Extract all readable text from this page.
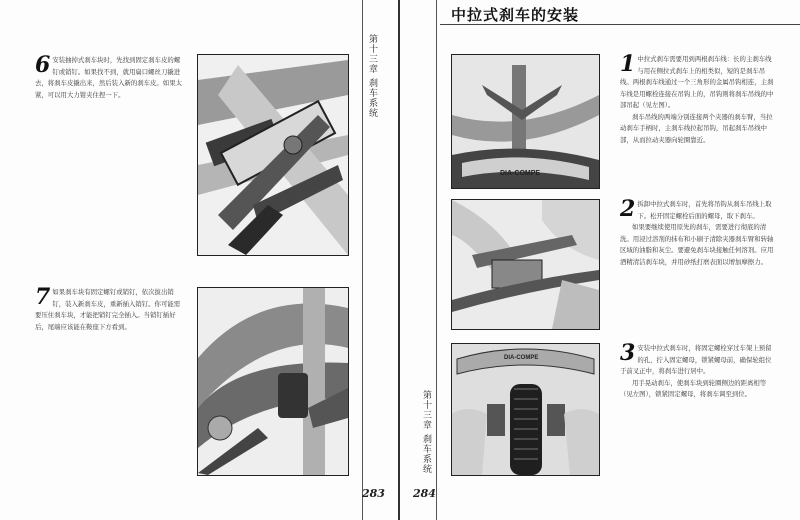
6 安装抽掉式刹车块时，先找到固定刹车皮的螺钉或销钉。如果找不到，就用扁口螺丝刀撬进去，将刹车皮撬出来，然后装入新的刹车皮。如果太紧，可以用大力钳夹住捏一下。

7 如果刹车块有固定螺钉或销钉，依次拔出销钉，装入新刹车皮，重新插入销钉。你可能需要压住刹车块，才能把销钉完全插入。当销钉插好后，尾端应该能在鞍座下方看到。

第十三章 刹车系统
283
中拉式刹车的安装
第十三章 刹车系统
DIA-COMPE
1 中拉式刹车需要用到两根刹车线：长的主刹车线与用在侧拉式刹车上的相类似，短的是刹车吊线。两根刹车线通过一个三角形的金属吊钩相连，主刹车线是用螺栓连接在吊钩上的，吊钩则将刹车吊线的中部吊起（见左图）。

刹车吊线的两端分别连接两个夹器的刹车臂，当拉动刹车手柄时，主刹车线拉起吊钩，吊起刹车吊线中部，从而拉动夹器向轮圈靠近。

2 拆卸中拉式刹车时，首先将吊钩从刹车吊线上取下。松开固定螺栓后面的螺母，取下刹车。

如果要继续使用原先的刹车，需要进行彻底的清洗。用浸过溶剂的抹布和小刷子清除夹器刹车臂和转轴区域的油脂和灰尘。要避免刹车块接触任何溶剂。应用酒精清洁刹车块，并用砂纸打磨表面以增加摩擦力。

DIA-COMPE	3 安装中拉式刹车时，将固定螺栓穿过车架上预留的孔，拧入固定螺母，锁紧螺母前，确保轮组位于前叉正中，将刹车进行居中。

用手晃动刹车，使刹车块到轮圈侧边的距离相等（见左图），锁紧固定螺母，将刹车调至到位。

284
